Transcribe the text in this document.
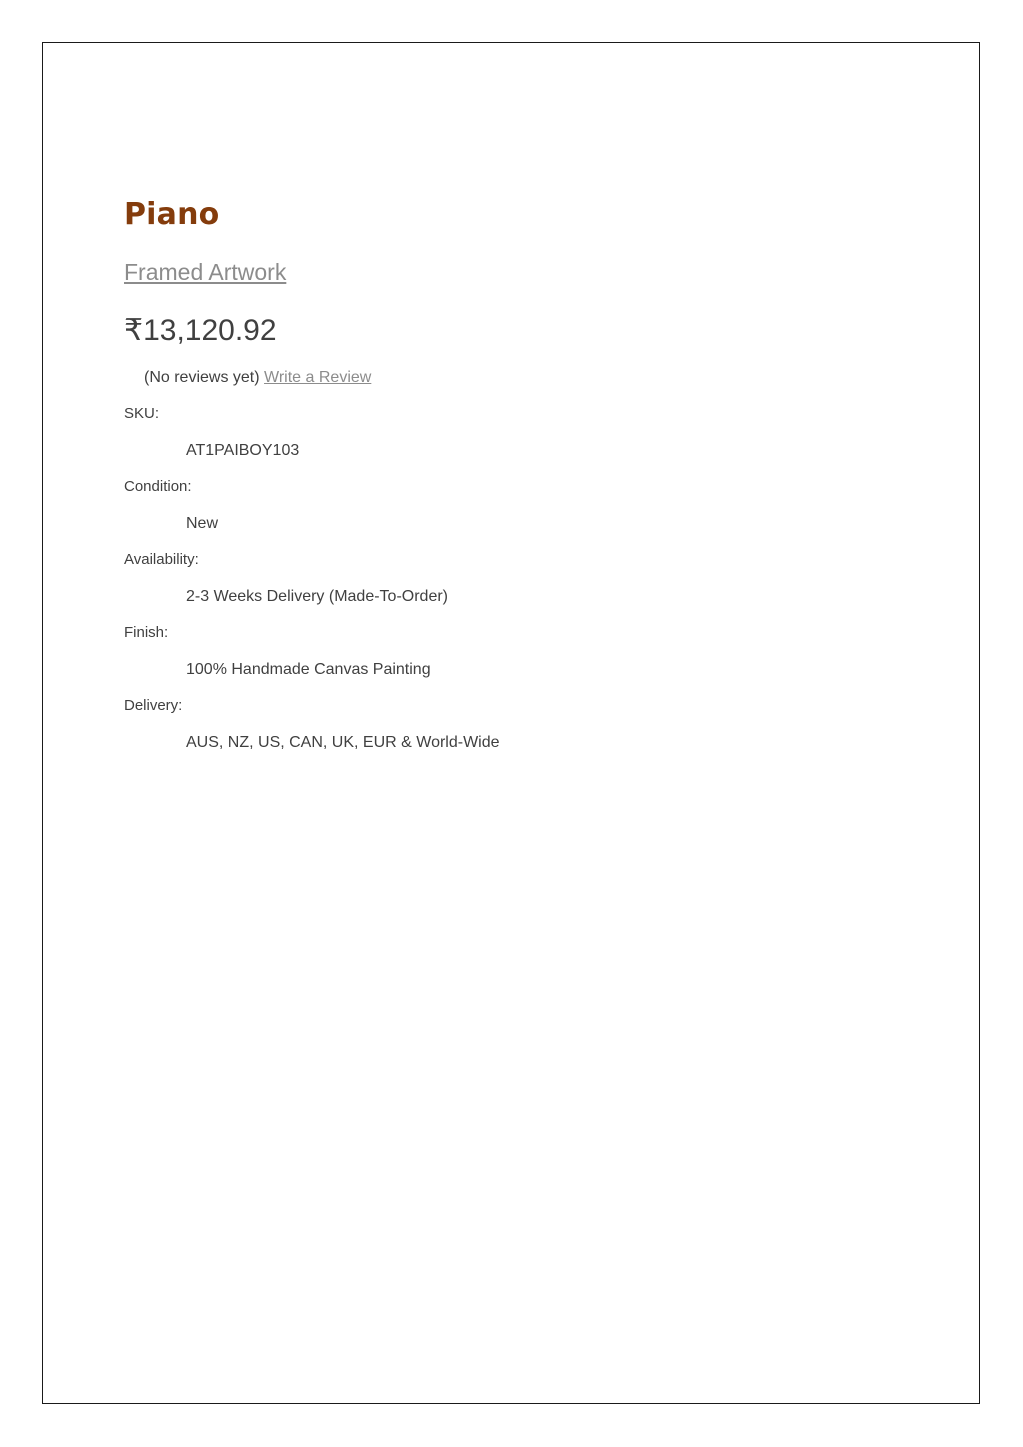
Piano
Framed Artwork
₹13,120.92
(No reviews yet) Write a Review
SKU:
AT1PAIBOY103
Condition:
New
Availability:
2-3 Weeks Delivery (Made-To-Order)
Finish:
100% Handmade Canvas Painting
Delivery:
AUS, NZ, US, CAN, UK, EUR & World-Wide
